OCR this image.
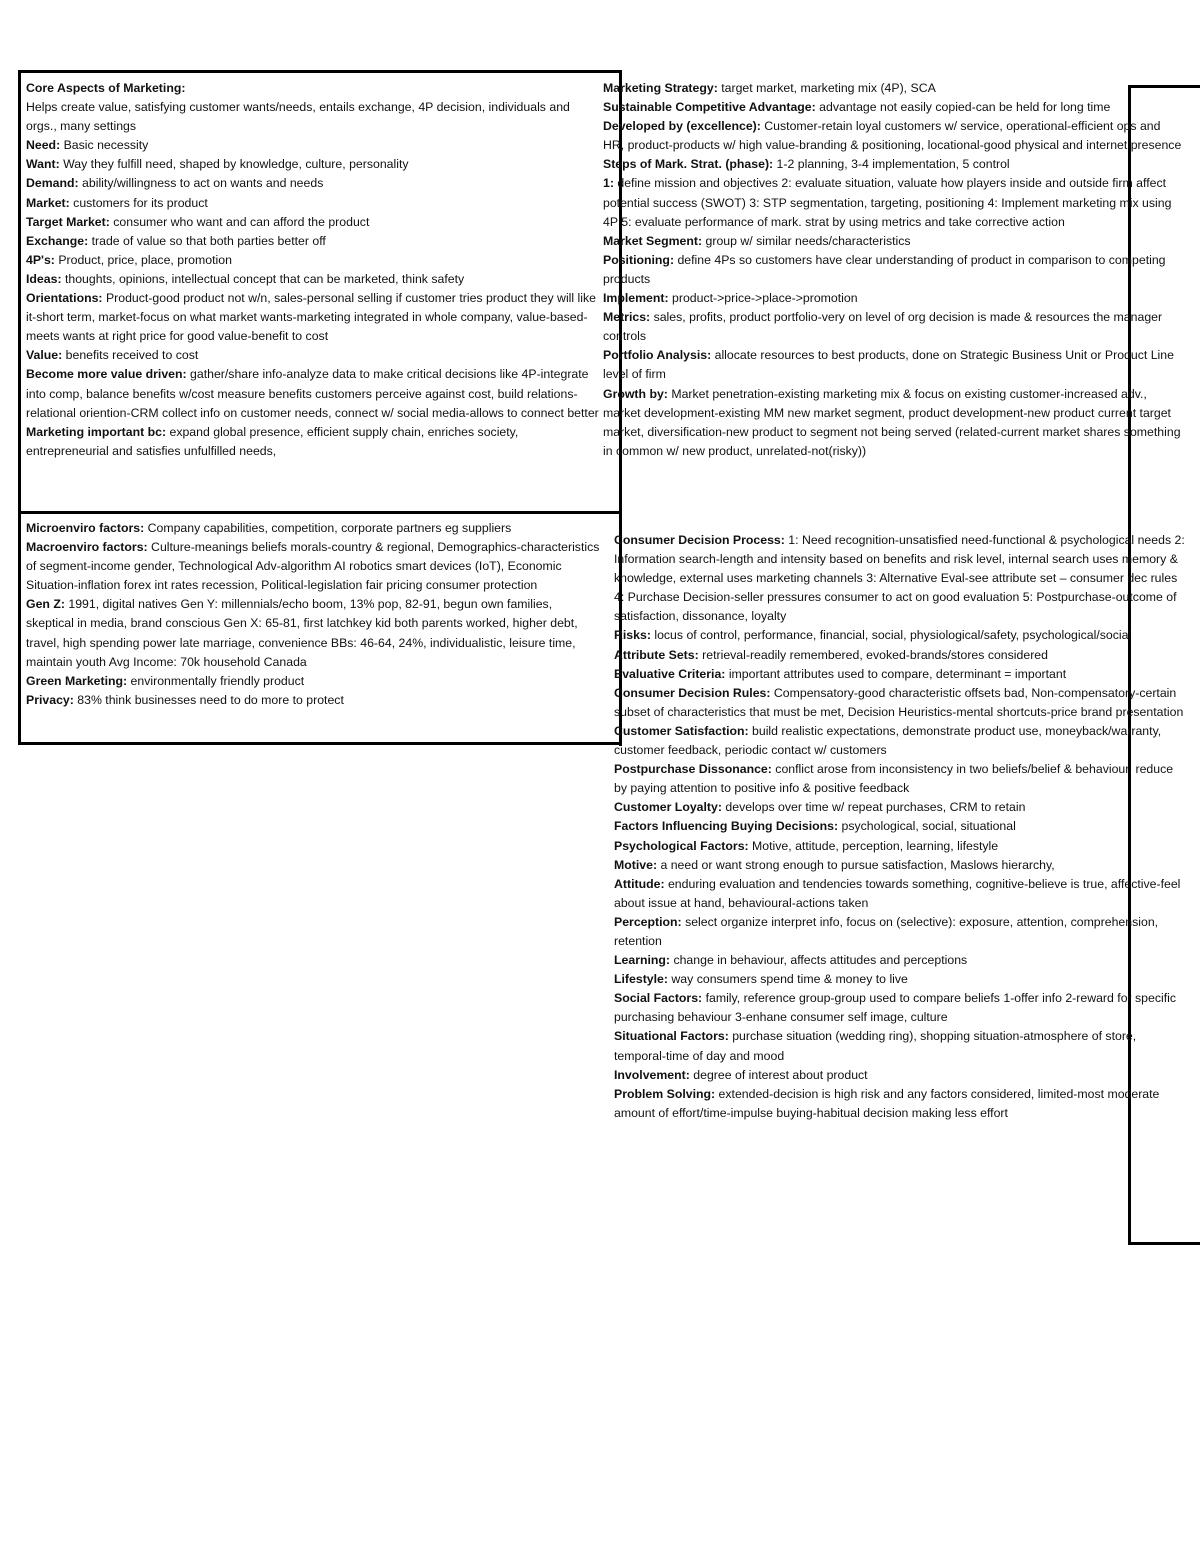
Core Aspects of Marketing:

Helps create value, satisfying customer wants/needs, entails exchange, 4P decision, individuals and orgs., many settings

Need: Basic necessity

Want: Way they fulfill need, shaped by knowledge, culture, personality

Demand: ability/willingness to act on wants and needs

Market: customers for its product

Target Market: consumer who want and can afford the product

Exchange: trade of value so that both parties better off

4P's: Product, price, place, promotion

Ideas: thoughts, opinions, intellectual concept that can be marketed, think safety

Orientations: Product-good product not w/n, sales-personal selling if customer tries product they will like it-short term, market-focus on what market wants-marketing integrated in whole company, value-based-meets wants at right price for good value-benefit to cost

Value: benefits received to cost

Become more value driven: gather/share info-analyze data to make critical decisions like 4P-integrate into comp, balance benefits w/cost measure benefits customers perceive against cost, build relations-relational oriention-CRM collect info on customer needs, connect w/ social media-allows to connect better

Marketing important bc: expand global presence, efficient supply chain, enriches society, entrepreneurial and satisfies unfulfilled needs,

Microenviro factors: Company capabilities, competition, corporate partners eg suppliers

Macroenviro factors: Culture-meanings beliefs morals-country & regional, Demographics-characteristics of segment-income gender, Technological Adv-algorithm AI robotics smart devices (IoT), Economic Situation-inflation forex int rates recession, Political-legislation fair pricing consumer protection

Gen Z: 1991, digital natives Gen Y: millennials/echo boom, 13% pop, 82-91, begun own families, skeptical in media, brand conscious Gen X: 65-81, first latchkey kid both parents worked, higher debt, travel, high spending power late marriage, convenience BBs: 46-64, 24%, individualistic, leisure time, maintain youth Avg Income: 70k household Canada

Green Marketing: environmentally friendly product

Privacy: 83% think businesses need to do more to protect

Marketing Strategy: target market, marketing mix (4P), SCA

Sustainable Competitive Advantage: advantage not easily copied-can be held for long time

Developed by (excellence): Customer-retain loyal customers w/ service, operational-efficient ops and HR, product-products w/ high value-branding & positioning, locational-good physical and internet presence

Steps of Mark. Strat. (phase): 1-2 planning, 3-4 implementation, 5 control

1: define mission and objectives 2: evaluate situation, valuate how players inside and outside firm affect potential success (SWOT) 3: STP segmentation, targeting, positioning 4: Implement marketing mix using 4P 5: evaluate performance of mark. strat by using metrics and take corrective action

Market Segment: group w/ similar needs/characteristics

Positioning: define 4Ps so customers have clear understanding of product in comparison to competing products

Implement: product->price->place->promotion

Metrics: sales, profits, product portfolio-very on level of org decision is made & resources the manager controls

Portfolio Analysis: allocate resources to best products, done on Strategic Business Unit or Product Line level of firm

Growth by: Market penetration-existing marketing mix & focus on existing customer-increased adv., market development-existing MM new market segment, product development-new product current target market, diversification-new product to segment not being served (related-current market shares something in common w/ new product, unrelated-not(risky))

Consumer Decision Process: 1: Need recognition-unsatisfied need-functional & psychological needs 2: Information search-length and intensity based on benefits and risk level, internal search uses memory & knowledge, external uses marketing channels 3: Alternative Eval-see attribute set – consumer dec rules 4: Purchase Decision-seller pressures consumer to act on good evaluation 5: Postpurchase-outcome of satisfaction, dissonance, loyalty

Risks: locus of control, performance, financial, social, physiological/safety, psychological/social

Attribute Sets: retrieval-readily remembered, evoked-brands/stores considered

Evaluative Criteria: important attributes used to compare, determinant = important

Consumer Decision Rules: Compensatory-good characteristic offsets bad, Non-compensatory-certain subset of characteristics that must be met, Decision Heuristics-mental shortcuts-price brand presentation

Customer Satisfaction: build realistic expectations, demonstrate product use, moneyback/warranty, customer feedback, periodic contact w/ customers

Postpurchase Dissonance: conflict arose from inconsistency in two beliefs/belief & behaviour, reduce by paying attention to positive info & positive feedback

Customer Loyalty: develops over time w/ repeat purchases, CRM to retain

Factors Influencing Buying Decisions: psychological, social, situational

Psychological Factors: Motive, attitude, perception, learning, lifestyle

Motive: a need or want strong enough to pursue satisfaction, Maslows hierarchy,

Attitude: enduring evaluation and tendencies towards something, cognitive-believe is true, affective-feel about issue at hand, behavioural-actions taken

Perception: select organize interpret info, focus on (selective): exposure, attention, comprehension, retention

Learning: change in behaviour, affects attitudes and perceptions

Lifestyle: way consumers spend time & money to live

Social Factors: family, reference group-group used to compare beliefs 1-offer info 2-reward for specific purchasing behaviour 3-enhane consumer self image, culture

Situational Factors: purchase situation (wedding ring), shopping situation-atmosphere of store, temporal-time of day and mood

Involvement: degree of interest about product

Problem Solving: extended-decision is high risk and any factors considered, limited-most moderate amount of effort/time-impulse buying-habitual decision making less effort
